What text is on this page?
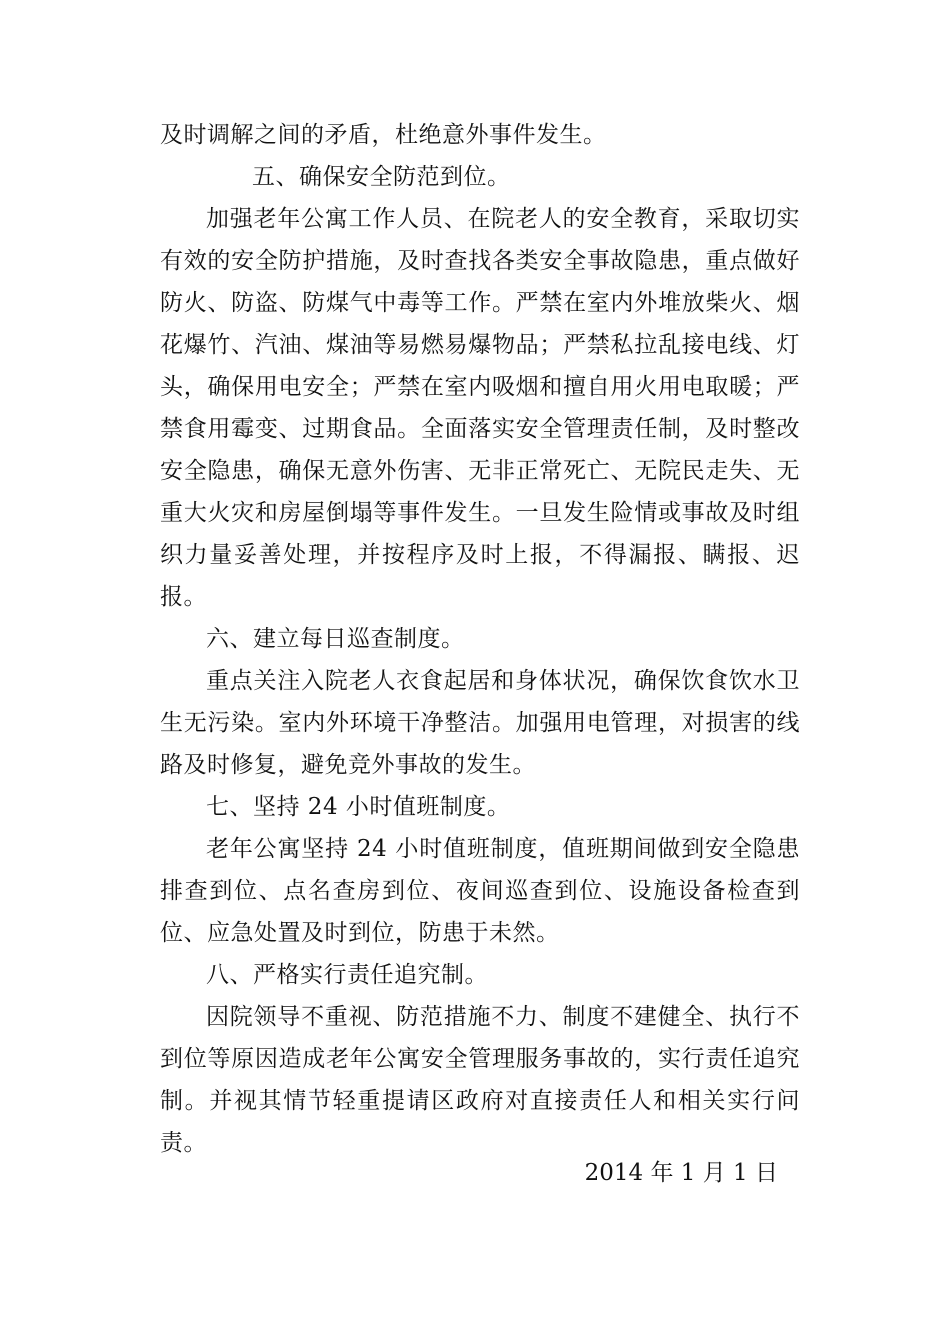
及时调解之间的矛盾，杜绝意外事件发生。

五、确保安全防范到位。

加强老年公寓工作人员、在院老人的安全教育，采取切实有效的安全防护措施，及时查找各类安全事故隐患，重点做好防火、防盗、防煤气中毒等工作。严禁在室内外堆放柴火、烟花爆竹、汽油、煤油等易燃易爆物品；严禁私拉乱接电线、灯头，确保用电安全；严禁在室内吸烟和擅自用火用电取暖；严禁食用霉变、过期食品。全面落实安全管理责任制，及时整改安全隐患，确保无意外伤害、无非正常死亡、无院民走失、无重大火灾和房屋倒塌等事件发生。一旦发生险情或事故及时组织力量妥善处理，并按程序及时上报，不得漏报、瞒报、迟报。

六、建立每日巡查制度。

重点关注入院老人衣食起居和身体状况，确保饮食饮水卫生无污染。室内外环境干净整洁。加强用电管理，对损害的线路及时修复，避免竞外事故的发生。

七、坚持 24 小时值班制度。

老年公寓坚持 24 小时值班制度，值班期间做到安全隐患排查到位、点名查房到位、夜间巡查到位、设施设备检查到位、应急处置及时到位，防患于未然。

八、严格实行责任追究制。

因院领导不重视、防范措施不力、制度不建健全、执行不到位等原因造成老年公寓安全管理服务事故的，实行责任追究制。并视其情节轻重提请区政府对直接责任人和相关实行问责。

2014 年 1 月 1 日
